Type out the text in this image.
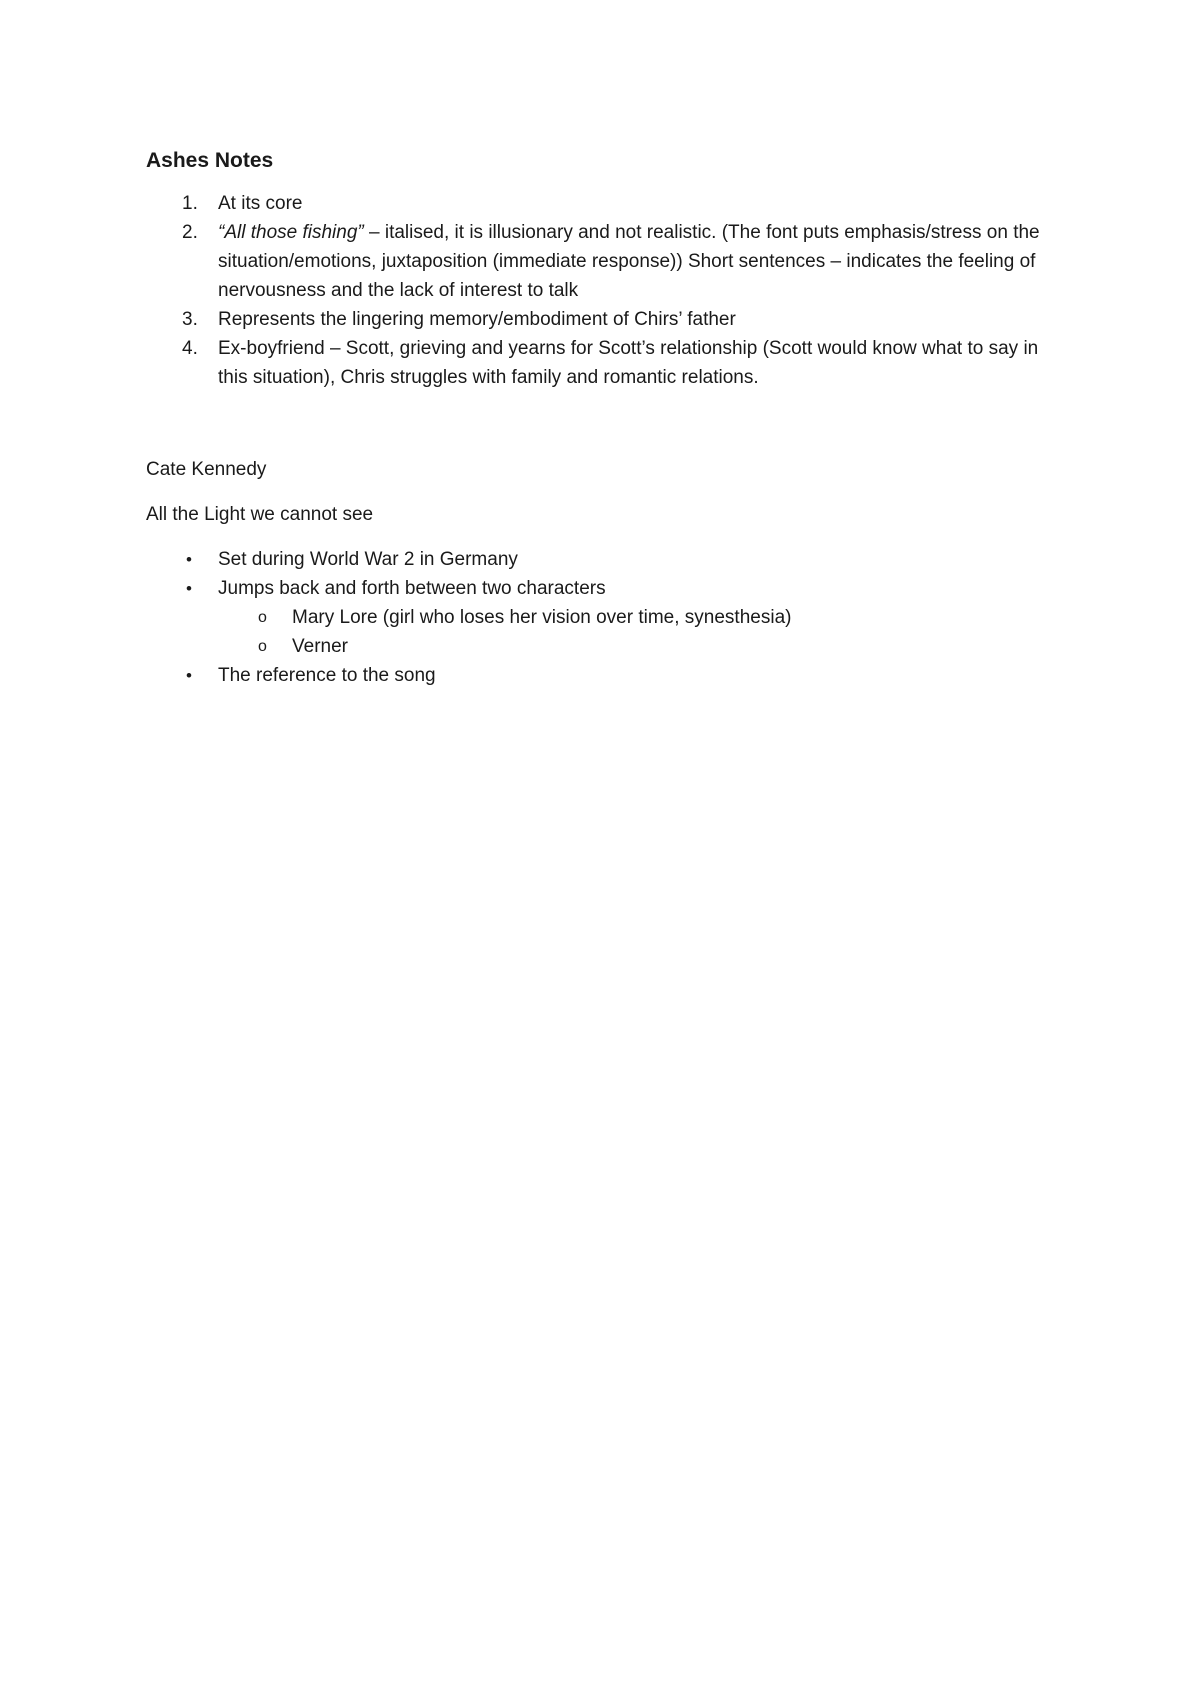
Ashes Notes
1. At its core
2. “All those fishing” – italised, it is illusionary and not realistic. (The font puts emphasis/stress on the situation/emotions, juxtaposition (immediate response)) Short sentences – indicates the feeling of nervousness and the lack of interest to talk
3. Represents the lingering memory/embodiment of Chirs’ father
4. Ex-boyfriend – Scott, grieving and yearns for Scott’s relationship (Scott would know what to say in this situation), Chris struggles with family and romantic relations.
Cate Kennedy
All the Light we cannot see
• Set during World War 2 in Germany
• Jumps back and forth between two characters
o Mary Lore (girl who loses her vision over time, synesthesia)
o Verner
• The reference to the song
